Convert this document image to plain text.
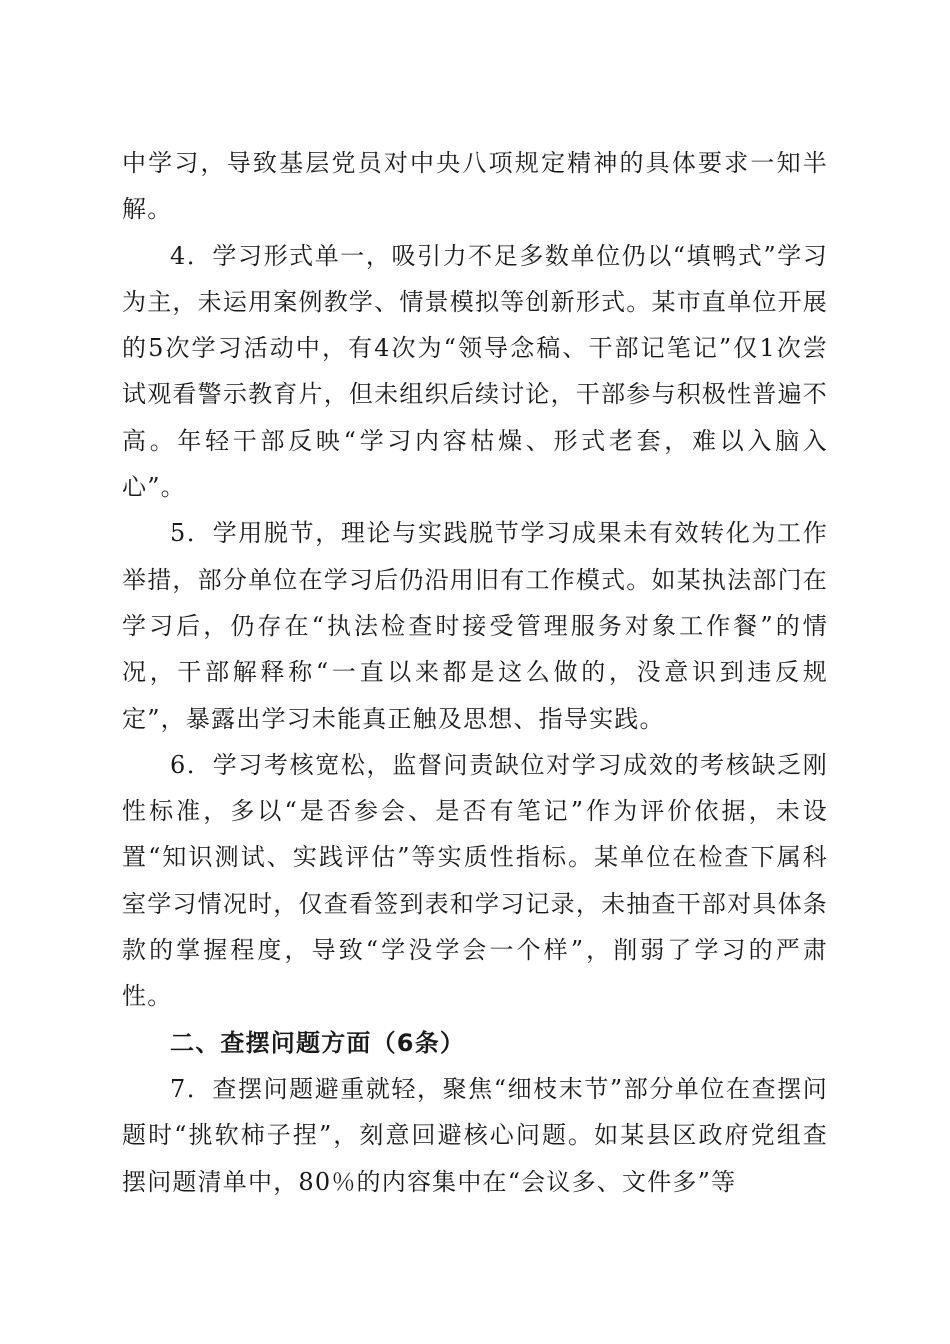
中学习，导致基层党员对中央八项规定精神的具体要求一知半解。

4．学习形式单一，吸引力不足多数单位仍以“填鸭式”学习为主，未运用案例教学、情景模拟等创新形式。某市直单位开展的5次学习活动中，有4次为“领导念稿、干部记笔记”仅1次尝试观看警示教育片，但未组织后续讨论，干部参与积极性普遍不高。年轻干部反映“学习内容枯燥、形式老套，难以入脑入心”。

5．学用脱节，理论与实践脱节学习成果未有效转化为工作举措，部分单位在学习后仍沿用旧有工作模式。如某执法部门在学习后，仍存在“执法检查时接受管理服务对象工作餐”的情况，干部解释称“一直以来都是这么做的，没意识到违反规定”，暴露出学习未能真正触及思想、指导实践。

6．学习考核宽松，监督问责缺位对学习成效的考核缺乏刚性标准，多以“是否参会、是否有笔记”作为评价依据，未设置“知识测试、实践评估”等实质性指标。某单位在检查下属科室学习情况时，仅查看签到表和学习记录，未抽查干部对具体条款的掌握程度，导致“学没学会一个样”，削弱了学习的严肃性。

二、查摆问题方面（6条）

7．查摆问题避重就轻，聚焦“细枝末节”部分单位在查摆问题时“挑软柿子捏”，刻意回避核心问题。如某县区政府党组查摆问题清单中，80％的内容集中在“会议多、文件多”等
